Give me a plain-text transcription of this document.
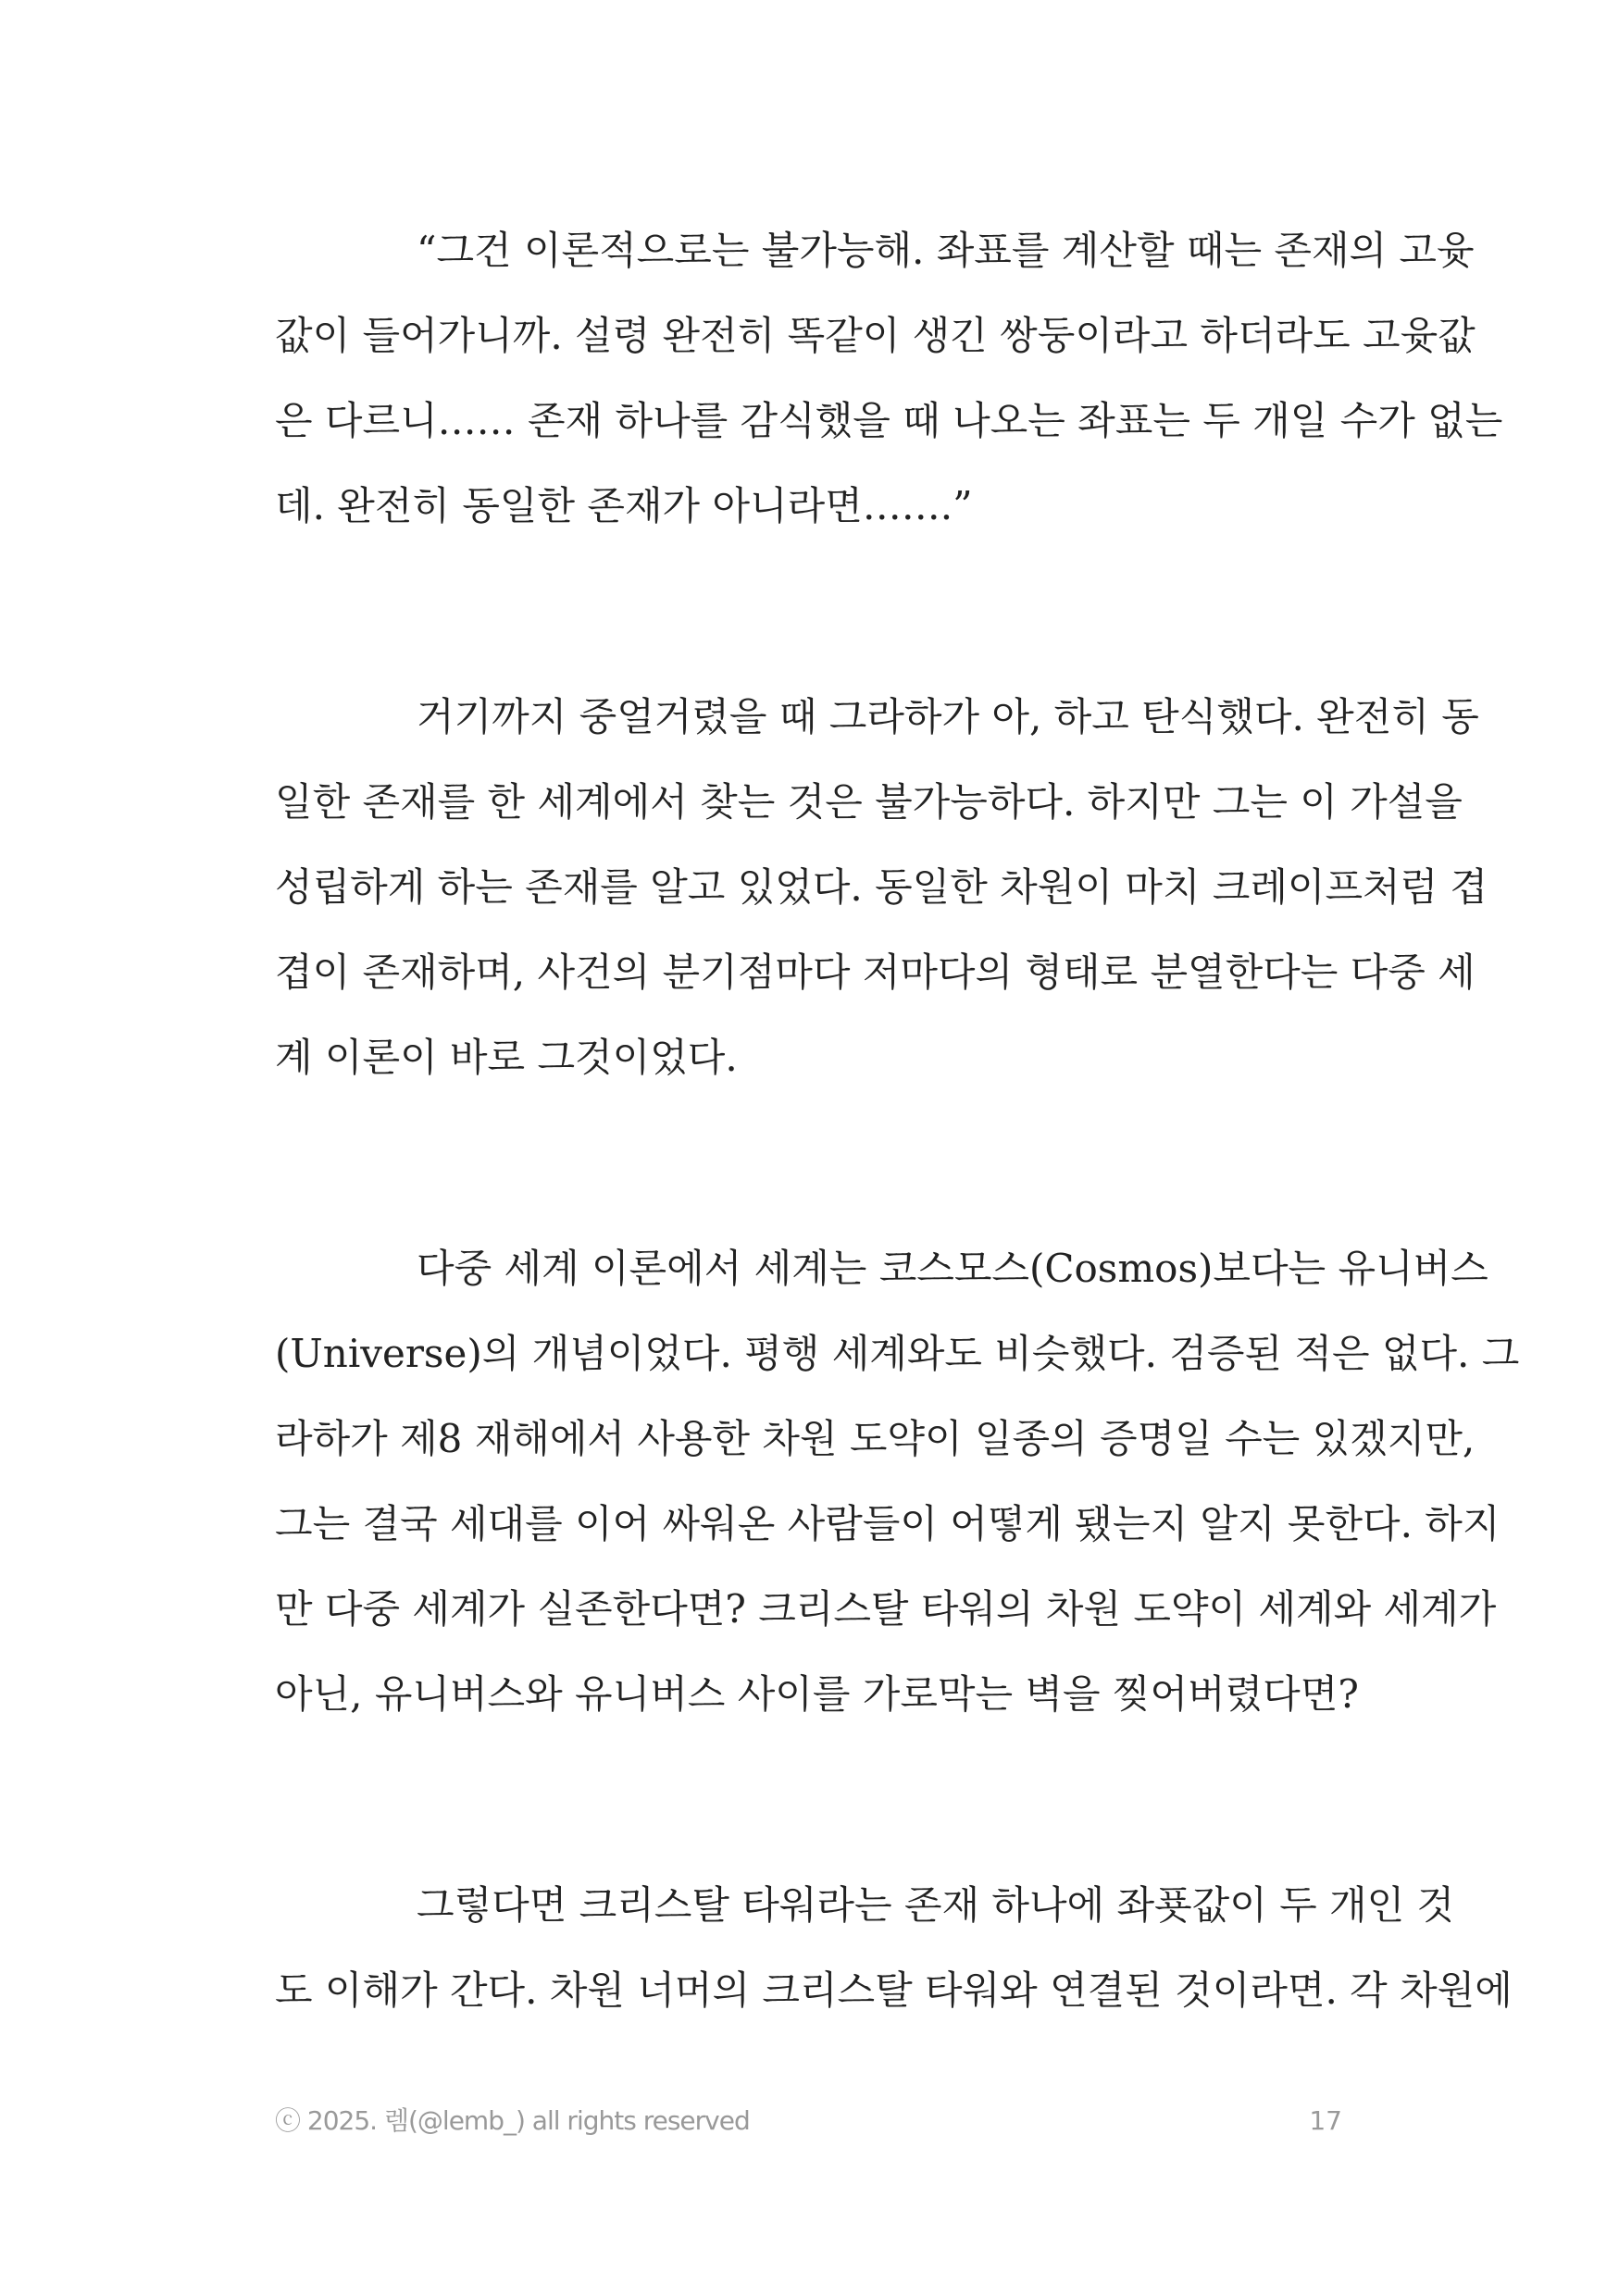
“그건 이론적으로는 불가능해. 좌표를 계산할 때는 존재의 고윳
값이 들어가니까. 설령 완전히 똑같이 생긴 쌍둥이라고 하더라도 고윳값
은 다르니…… 존재 하나를 감식했을 때 나오는 좌표는 두 개일 수가 없는
데. 완전히 동일한 존재가 아니라면…….”
거기까지 중얼거렸을 때 그라하가 아, 하고 탄식했다. 완전히 동
일한 존재를 한 세계에서 찾는 것은 불가능하다. 하지만 그는 이 가설을
성립하게 하는 존재를 알고 있었다. 동일한 차원이 마치 크레이프처럼 겹
겹이 존재하며, 사건의 분기점마다 저마다의 형태로 분열한다는 다중 세
계 이론이 바로 그것이었다.
다중 세계 이론에서 세계는 코스모스(Cosmos)보다는 유니버스
(Universe)의 개념이었다. 평행 세계와도 비슷했다. 검증된 적은 없다. 그
라하가 제8 재해에서 사용한 차원 도약이 일종의 증명일 수는 있겠지만,
그는 결국 세대를 이어 싸워온 사람들이 어떻게 됐는지 알지 못한다. 하지
만 다중 세계가 실존한다면? 크리스탈 타워의 차원 도약이 세계와 세계가
아닌, 유니버스와 유니버스 사이를 가로막는 벽을 찢어버렸다면?
그렇다면 크리스탈 타워라는 존재 하나에 좌푯값이 두 개인 것
도 이해가 간다. 차원 너머의 크리스탈 타워와 연결된 것이라면. 각 차원에
ⓒ 2025. 렘(@lemb_) all rights reserved	17
